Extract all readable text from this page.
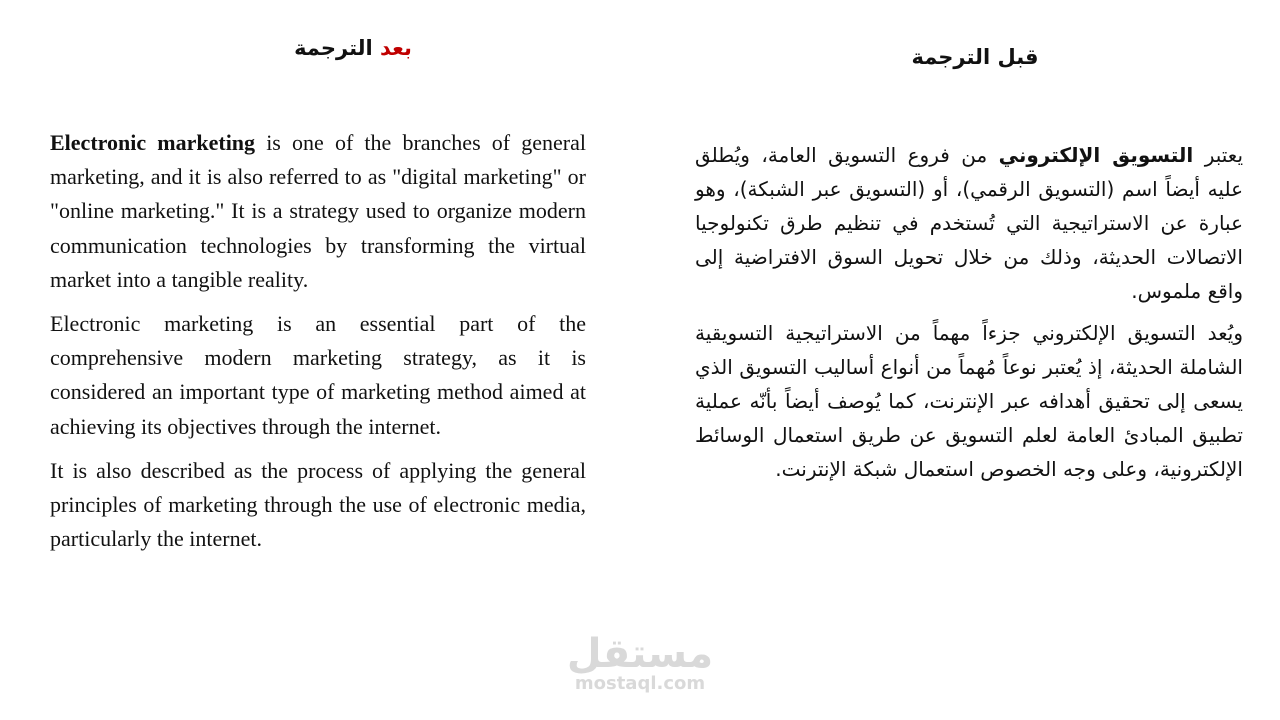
بعد الترجمة	قبل الترجمة

Electronic marketing is one of the branches of general marketing, and it is also referred to as "digital marketing" or "online marketing." It is a strategy used to organize modern communication technologies by transforming the virtual market into a tangible reality.

Electronic marketing is an essential part of the comprehensive modern marketing strategy, as it is considered an important type of marketing method aimed at achieving its objectives through the internet.

It is also described as the process of applying the general principles of marketing through the use of electronic media, particularly the internet.

يعتبر التسويق الإلكتروني من فروع التسويق العامة، ويُطلق عليه أيضاً اسم (التسويق الرقمي)، أو (التسويق عبر الشبكة)، وهو عبارة عن الاستراتيجية التي تُستخدم في تنظيم طرق تكنولوجيا الاتصالات الحديثة، وذلك من خلال تحويل السوق الافتراضية إلى واقع ملموس.

ويُعد التسويق الإلكتروني جزءاً مهماً من الاستراتيجية التسويقية الشاملة الحديثة، إذ يُعتبر نوعاً مُهماً من أنواع أساليب التسويق الذي يسعى إلى تحقيق أهدافه عبر الإنترنت، كما يُوصف أيضاً بأنّه عملية تطبيق المبادئ العامة لعلم التسويق عن طريق استعمال الوسائط الإلكترونية، وعلى وجه الخصوص استعمال شبكة الإنترنت.

مستقل
mostaql.com
